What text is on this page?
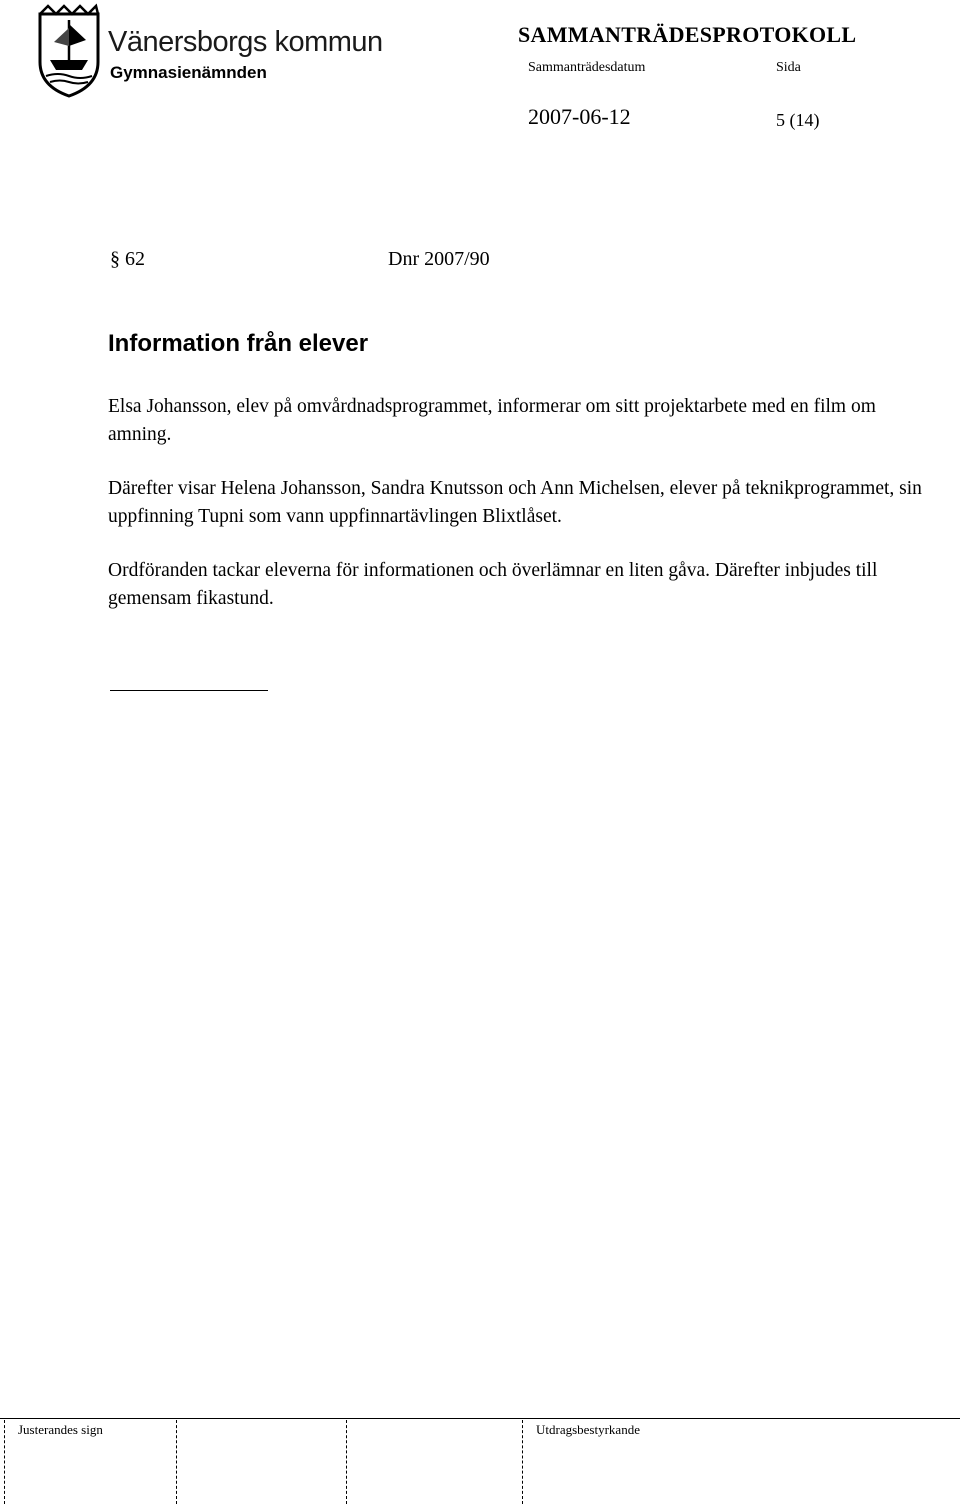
Vänersborgs kommun
Gymnasienämnden
SAMMANTRÄDESPROTOKOLL
Sammanträdesdatum	Sida
2007-06-12	5 (14)
§ 62	Dnr 2007/90
Information från elever

Elsa Johansson, elev på omvårdnadsprogrammet, informerar om sitt projektarbete med en film om amning.

Därefter visar Helena Johansson, Sandra Knutsson och Ann Michelsen, elever på teknikprogrammet, sin uppfinning Tupni som vann uppfinnartävlingen Blixtlåset.

Ordföranden tackar eleverna för informationen och överlämnar en liten gåva. Därefter inbjudes till gemensam fikastund.

Justerandes sign	Utdragsbestyrkande
